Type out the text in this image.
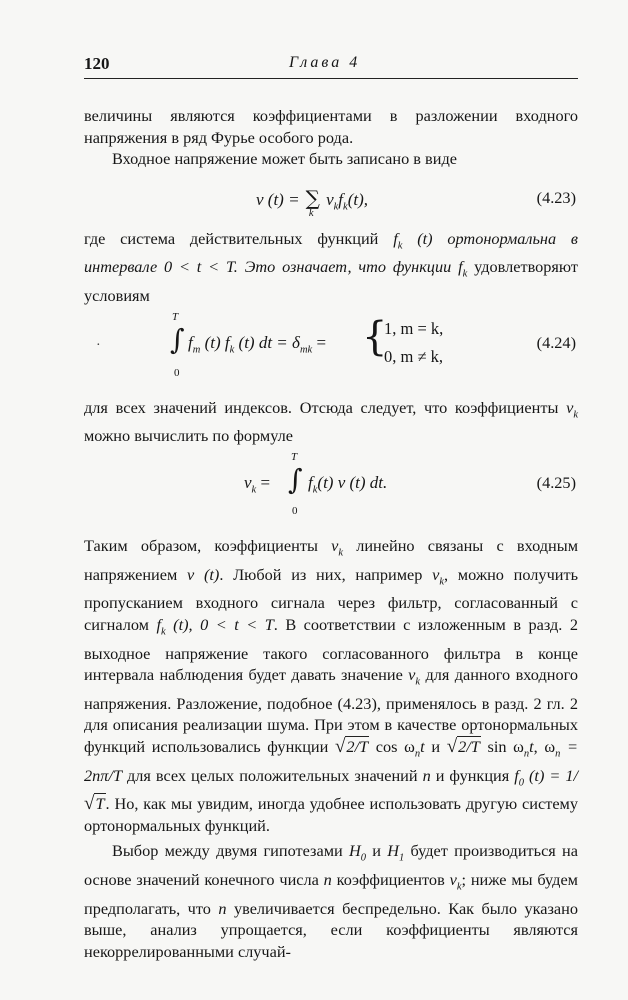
120	Глава 4

величины являются коэффициентами в разложении входного напряжения в ряд Фурье особого рода.

Входное напряжение может быть записано в виде

v (t) = ∑
k
$v_kf_k(t)$,	(4.23)

где система действительных функций $f_k$ (t) ортонормальна в интервале 0 < t < T. Это означает, что функции $f_k$ удовлетворяют условиям

T
∫
0
$f_m$ (t) $f_k$ (t) dt = $\delta_{mk}$ = {
1, m = k,
0, m ≠ k,
(4.24)

для всех значений индексов. Отсюда следует, что коэффициенты $v_k$ можно вычислить по формуле

T
∫
0
$v_k = f_k(t)$ v (t) dt.	(4.25)

Таким образом, коэффициенты $v_k$ линейно связаны с входным напряжением v (t). Любой из них, например $v_k$, можно получить пропусканием входного сигнала через фильтр, согласованный с сигналом $f_k$ (t), 0 < t < T. В соответствии с изложенным в разд. 2 выходное напряжение такого согласованного фильтра в конце интервала наблюдения будет давать значение $v_k$ для данного входного напряжения. Разложение, подобное (4.23), применялось в разд. 2 гл. 2 для описания реализации шума. При этом в качестве ортонормальных функций использовались функции √2/T $\cos \omega_nt$ и √2/T $\sin \omega_nt$, $\omega_n = 2n\pi/T$ для всех целых положительных значений n и функция $f_0$ (t) = 1/√T. Но, как мы увидим, иногда удобнее использовать другую систему ортонормальных функций.

Выбор между двумя гипотезами $H_0$ и $H_1$ будет производиться на основе значений конечного числа n коэффициентов $v_k$; ниже мы будем предполагать, что n увеличивается беспредельно. Как было указано выше, анализ упрощается, если коэффициенты являются некоррелированными случай-

·
